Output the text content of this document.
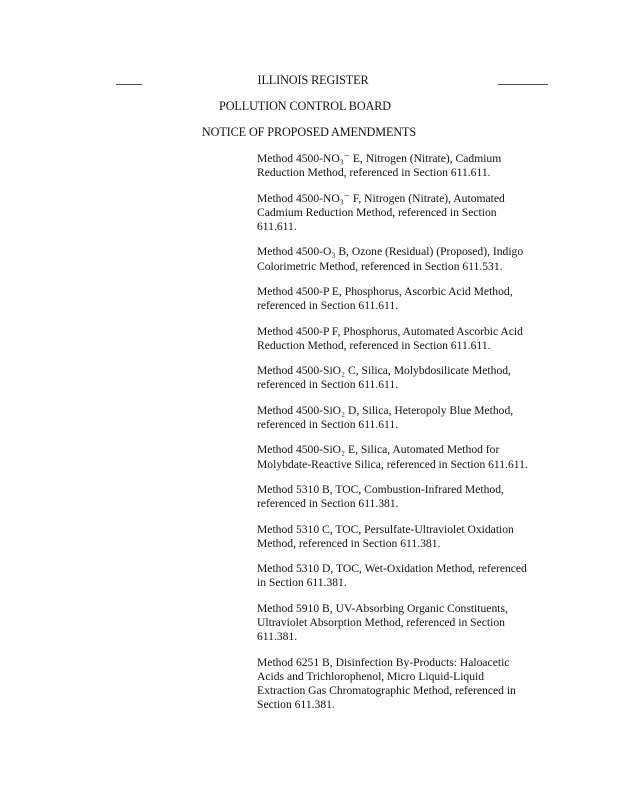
ILLINOIS REGISTER
POLLUTION CONTROL BOARD
NOTICE OF PROPOSED AMENDMENTS
Method 4500-NO₃⁻ E, Nitrogen (Nitrate), Cadmium
Reduction Method, referenced in Section 611.611.
Method 4500-NO₃⁻ F, Nitrogen (Nitrate), Automated
Cadmium Reduction Method, referenced in Section
611.611.
Method 4500-O₃ B, Ozone (Residual) (Proposed), Indigo
Colorimetric Method, referenced in Section 611.531.
Method 4500-P E, Phosphorus, Ascorbic Acid Method,
referenced in Section 611.611.
Method 4500-P F, Phosphorus, Automated Ascorbic Acid
Reduction Method, referenced in Section 611.611.
Method 4500-SiO₂ C, Silica, Molybdosilicate Method,
referenced in Section 611.611.
Method 4500-SiO₂ D, Silica, Heteropoly Blue Method,
referenced in Section 611.611.
Method 4500-SiO₂ E, Silica, Automated Method for
Molybdate-Reactive Silica, referenced in Section 611.611.
Method 5310 B, TOC, Combustion-Infrared Method,
referenced in Section 611.381.
Method 5310 C, TOC, Persulfate-Ultraviolet Oxidation
Method, referenced in Section 611.381.
Method 5310 D, TOC, Wet-Oxidation Method, referenced
in Section 611.381.
Method 5910 B, UV-Absorbing Organic Constituents,
Ultraviolet Absorption Method, referenced in Section
611.381.
Method 6251 B, Disinfection By-Products: Haloacetic
Acids and Trichlorophenol, Micro Liquid-Liquid
Extraction Gas Chromatographic Method, referenced in
Section 611.381.
